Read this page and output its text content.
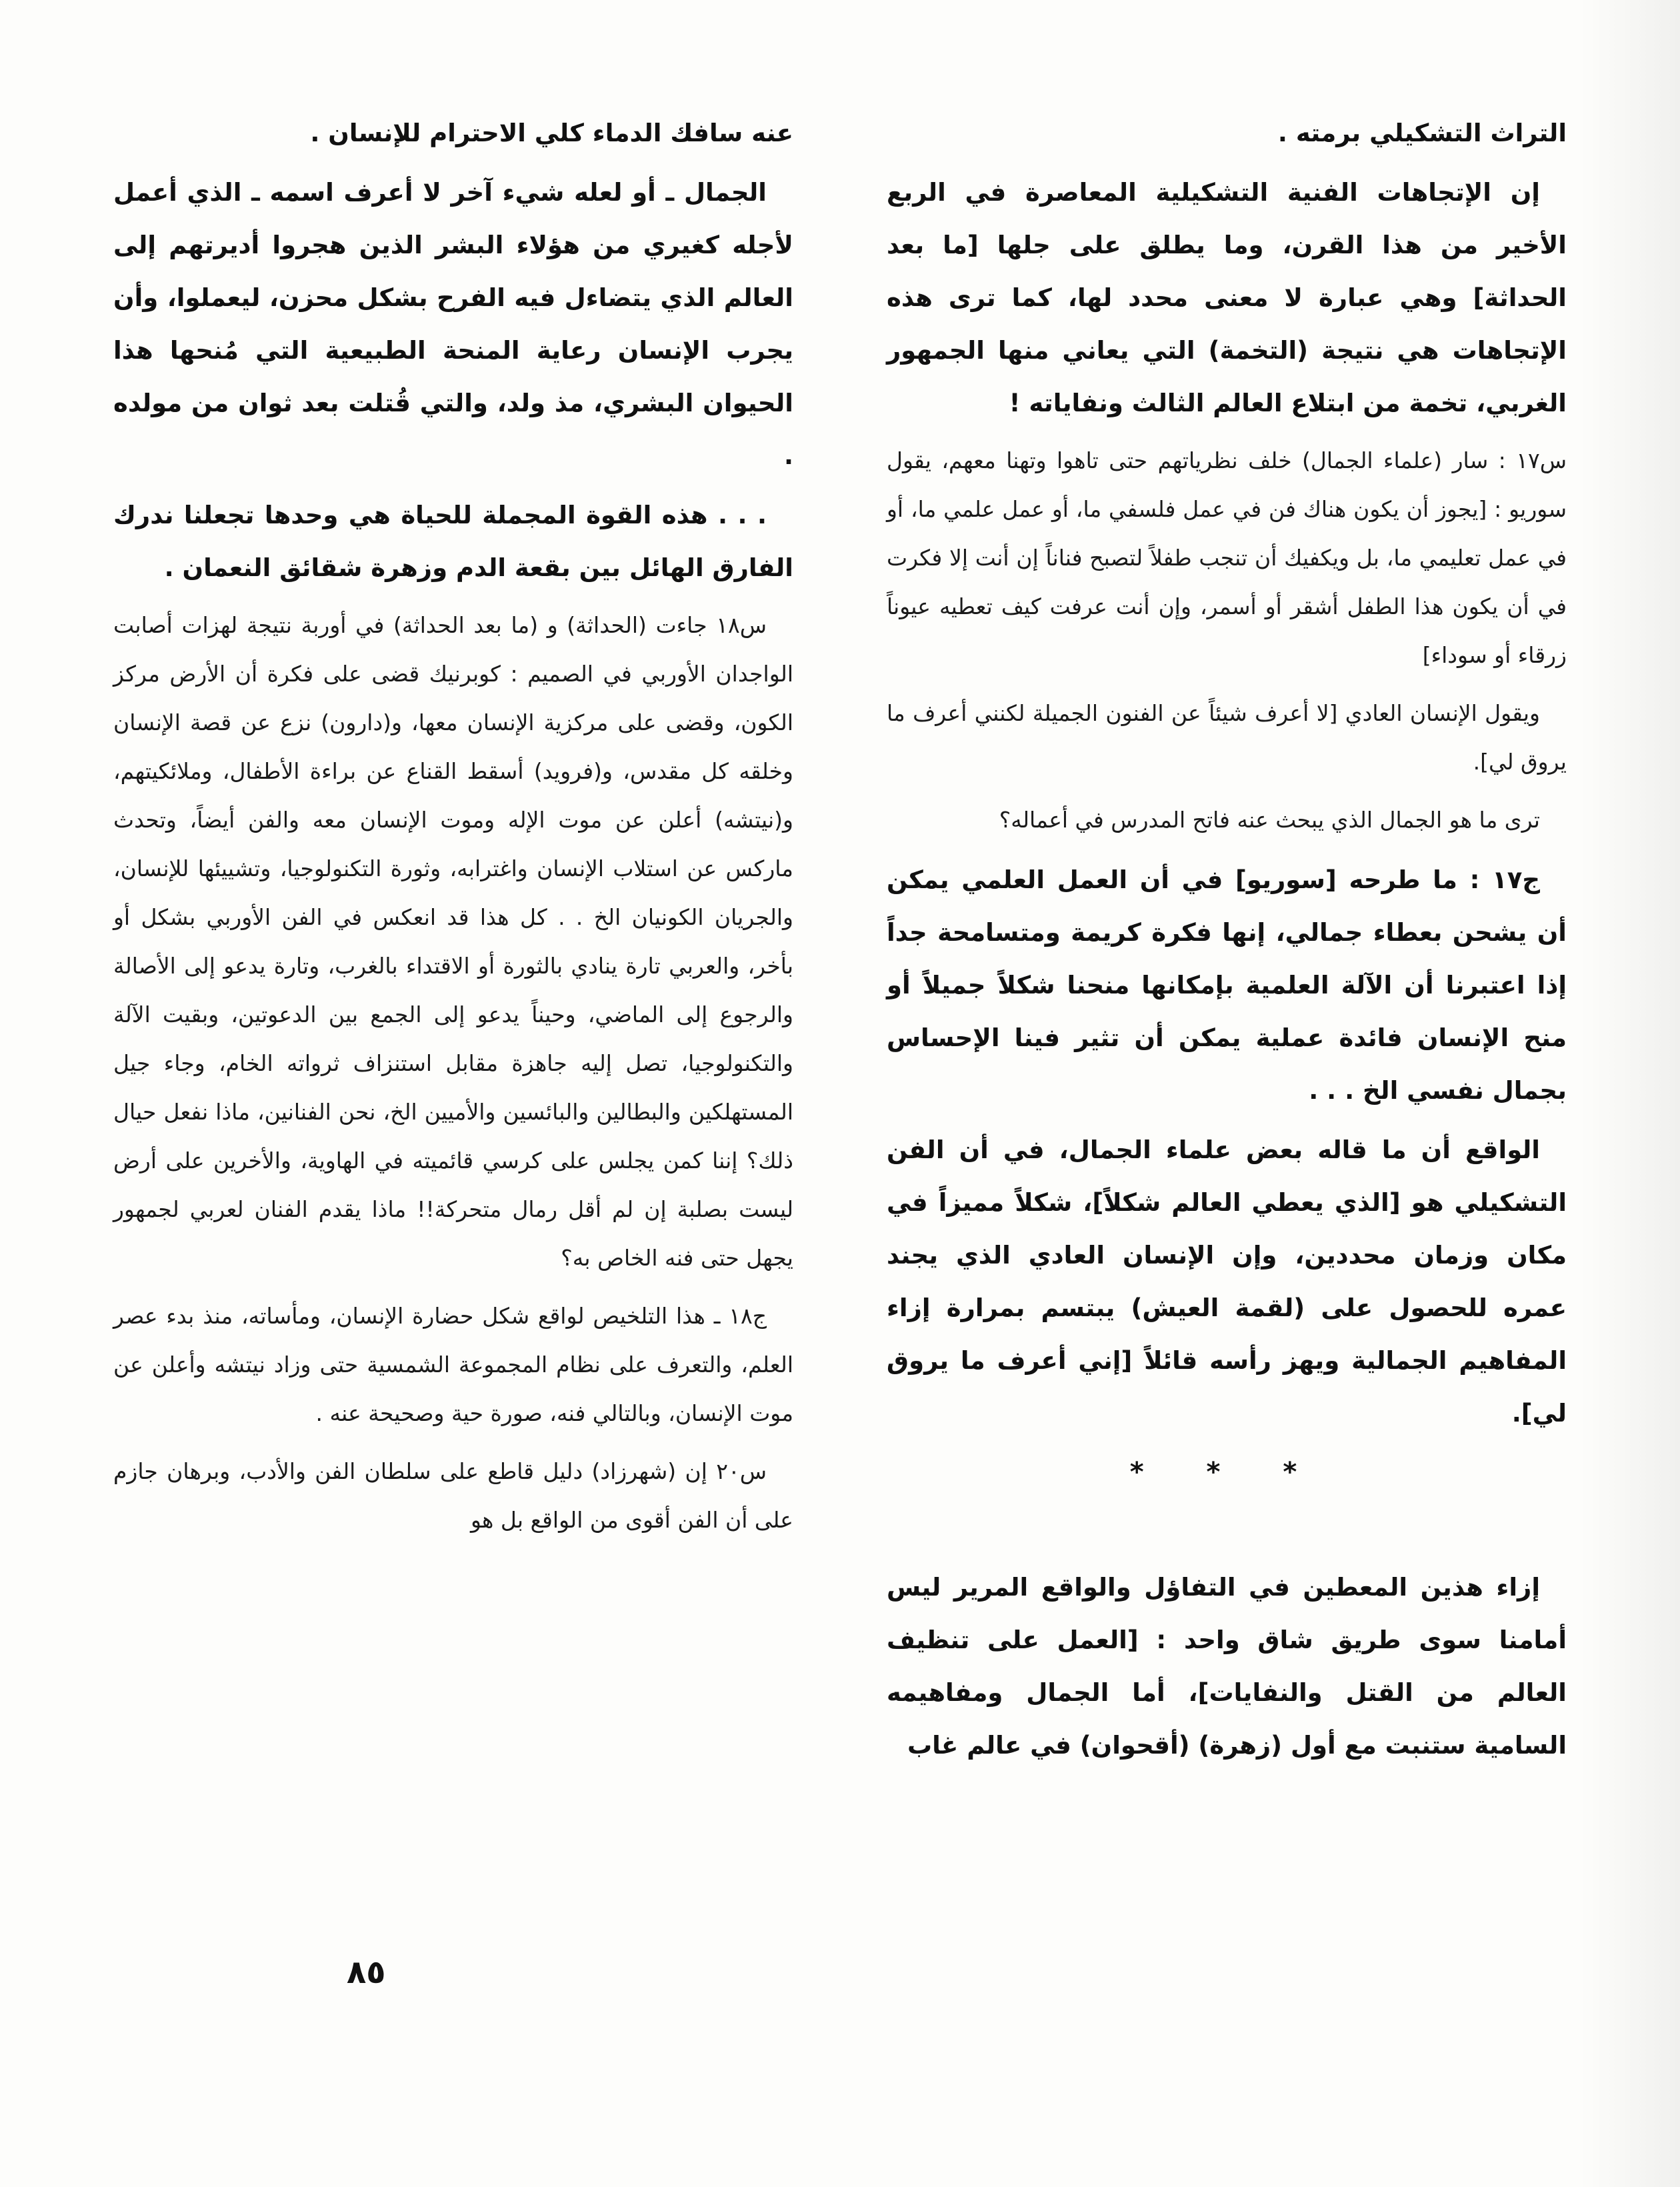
التراث التشكيلي برمته .

إن الإتجاهات الفنية التشكيلية المعاصرة في الربع الأخير من هذا القرن، وما يطلق على جلها [ما بعد الحداثة] وهي عبارة لا معنى محدد لها، كما ترى هذه الإتجاهات هي نتيجة (التخمة) التي يعاني منها الجمهور الغربي، تخمة من ابتلاع العالم الثالث ونفاياته !

س١٧ : سار (علماء الجمال) خلف نظرياتهم حتى تاهوا وتهنا معهم، يقول سوريو : [يجوز أن يكون هناك فن في عمل فلسفي ما، أو عمل علمي ما، أو في عمل تعليمي ما، بل ويكفيك أن تنجب طفلاً لتصبح فناناً إن أنت إلا فكرت في أن يكون هذا الطفل أشقر أو أسمر، وإن أنت عرفت كيف تعطيه عيوناً زرقاء أو سوداء]

ويقول الإنسان العادي [لا أعرف شيئاً عن الفنون الجميلة لكنني أعرف ما يروق لي].

ترى ما هو الجمال الذي يبحث عنه فاتح المدرس في أعماله؟

ج١٧ : ما طرحه [سوريو] في أن العمل العلمي يمكن أن يشحن بعطاء جمالي، إنها فكرة كريمة ومتسامحة جداً إذا اعتبرنا أن الآلة العلمية بإمكانها منحنا شكلاً جميلاً أو منح الإنسان فائدة عملية يمكن أن تثير فينا الإحساس بجمال نفسي الخ . . .

الواقع أن ما قاله بعض علماء الجمال، في أن الفن التشكيلي هو [الذي يعطي العالم شكلاً]، شكلاً مميزاً في مكان وزمان محددين، وإن الإنسان العادي الذي يجند عمره للحصول على (لقمة العيش) يبتسم بمرارة إزاء المفاهيم الجمالية ويهز رأسه قائلاً [إني أعرف ما يروق لي].

* * *

إزاء هذين المعطين في التفاؤل والواقع المرير ليس أمامنا سوى طريق شاق واحد : [العمل على تنظيف العالم من القتل والنفايات]، أما الجمال ومفاهيمه السامية ستنبت مع أول (زهرة) (أقحوان) في عالم غاب

عنه سافك الدماء كلي الاحترام للإنسان .

الجمال ـ أو لعله شيء آخر لا أعرف اسمه ـ الذي أعمل لأجله كغيري من هؤلاء البشر الذين هجروا أديرتهم إلى العالم الذي يتضاءل فيه الفرح بشكل محزن، ليعملوا، وأن يجرب الإنسان رعاية المنحة الطبيعية التي مُنحها هذا الحيوان البشري، مذ ولد، والتي قُتلت بعد ثوان من مولده .

. . . هذه القوة المجملة للحياة هي وحدها تجعلنا ندرك الفارق الهائل بين بقعة الدم وزهرة شقائق النعمان .

س١٨ جاءت (الحداثة) و (ما بعد الحداثة) في أوربة نتيجة لهزات أصابت الواجدان الأوربي في الصميم : كوبرنيك قضى على فكرة أن الأرض مركز الكون، وقضى على مركزية الإنسان معها، و(دارون) نزع عن قصة الإنسان وخلقه كل مقدس، و(فرويد) أسقط القناع عن براءة الأطفال، وملائكيتهم، و(نيتشه) أعلن عن موت الإله وموت الإنسان معه والفن أيضاً، وتحدث ماركس عن استلاب الإنسان واغترابه، وثورة التكنولوجيا، وتشييئها للإنسان، والجريان الكونيان الخ . . كل هذا قد انعكس في الفن الأوربي بشكل أو بأخر، والعربي تارة ينادي بالثورة أو الاقتداء بالغرب، وتارة يدعو إلى الأصالة والرجوع إلى الماضي، وحيناً يدعو إلى الجمع بين الدعوتين، وبقيت الآلة والتكنولوجيا، تصل إليه جاهزة مقابل استنزاف ثرواته الخام، وجاء جيل المستهلكين والبطالين والبائسين والأميين الخ، نحن الفنانين، ماذا نفعل حيال ذلك؟ إننا كمن يجلس على كرسي قائميته في الهاوية، والأخرين على أرض ليست بصلبة إن لم أقل رمال متحركة!! ماذا يقدم الفنان لعربي لجمهور يجهل حتى فنه الخاص به؟

ج١٨ ـ هذا التلخيص لواقع شكل حضارة الإنسان، ومأساته، منذ بدء عصر العلم، والتعرف على نظام المجموعة الشمسية حتى وزاد نيتشه وأعلن عن موت الإنسان، وبالتالي فنه، صورة حية وصحيحة عنه .

س٢٠ إن (شهرزاد) دليل قاطع على سلطان الفن والأدب، وبرهان جازم على أن الفن أقوى من الواقع بل هو

٨٥
